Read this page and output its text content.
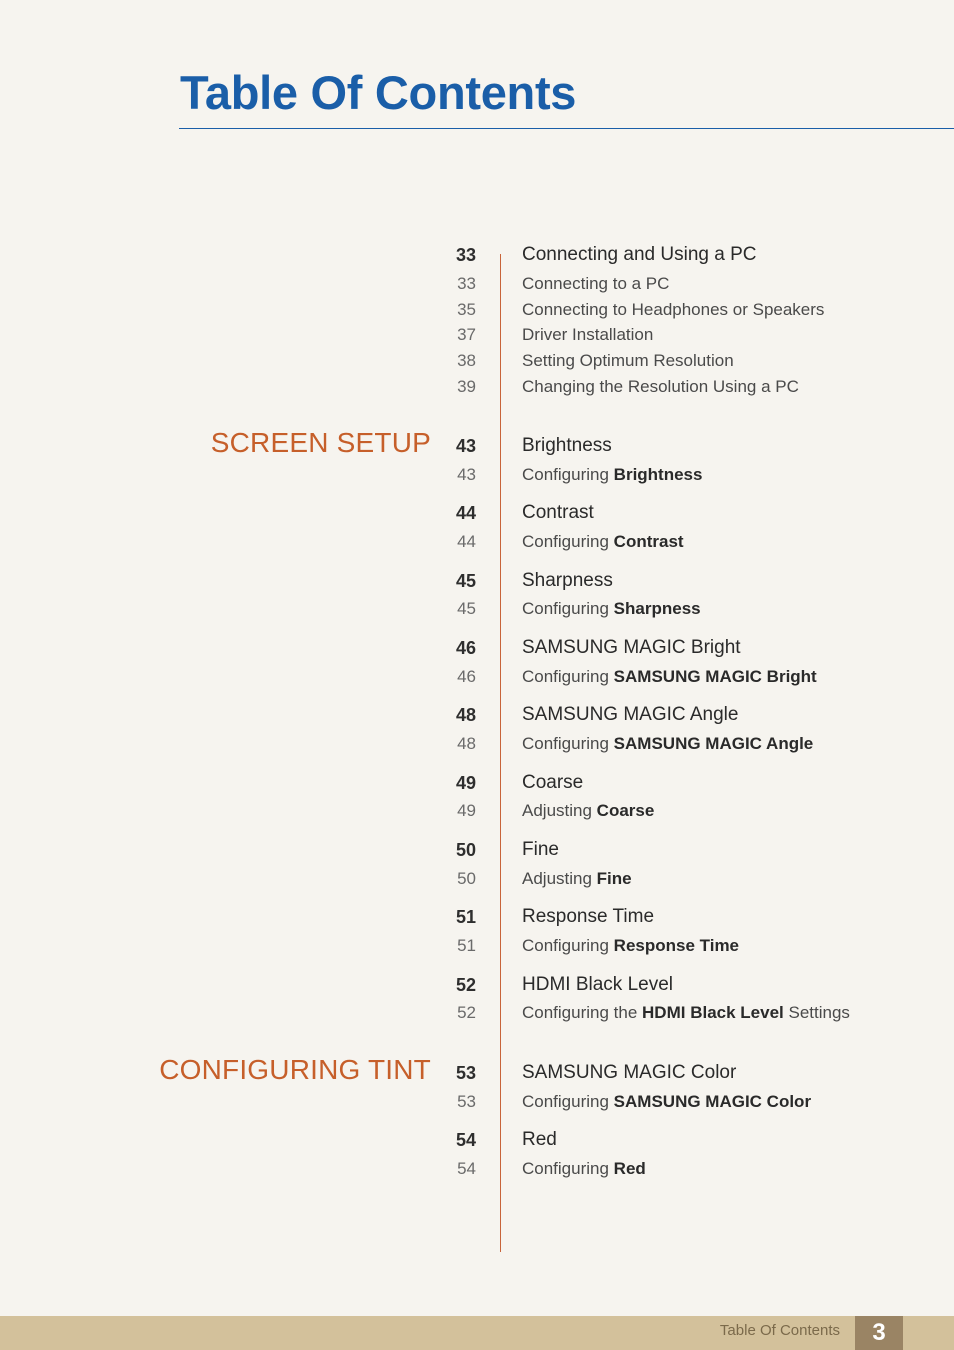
Table Of Contents
SCREEN SETUP
CONFIGURING TINT
33 Connecting and Using a PC
33	Connecting to a PC
35	Connecting to Headphones or Speakers
37	Driver Installation
38	Setting Optimum Resolution
39	Changing the Resolution Using a PC
43 Brightness
43	Configuring Brightness
44 Contrast
44	Configuring Contrast
45 Sharpness
45	Configuring Sharpness
46 SAMSUNG MAGIC Bright
46	Configuring SAMSUNG MAGIC Bright
48 SAMSUNG MAGIC Angle
48	Configuring SAMSUNG MAGIC Angle
49 Coarse
49	Adjusting Coarse
50 Fine
50	Adjusting Fine
51 Response Time
51	Configuring Response Time
52 HDMI Black Level
52	Configuring the HDMI Black Level Settings
53 SAMSUNG MAGIC Color
53	Configuring SAMSUNG MAGIC Color
54 Red
54	Configuring Red
Table Of Contents	3
